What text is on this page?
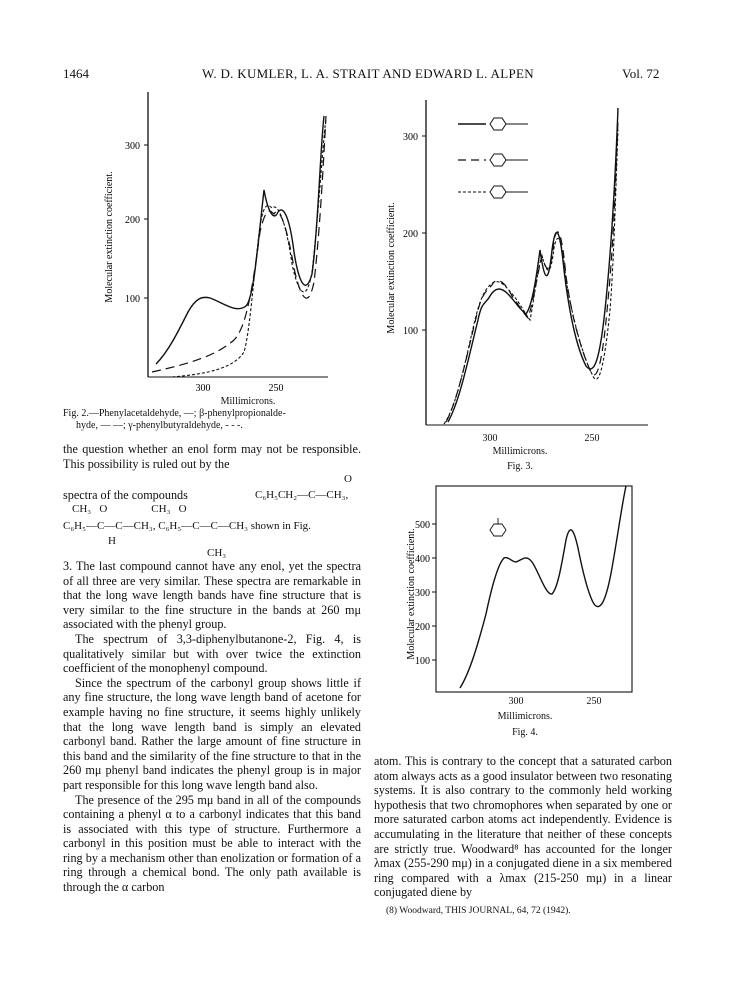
1464	W. D. KUMLER, L. A. STRAIT AND EDWARD L. ALPEN	Vol. 72
300
200
100
Molecular extinction coefficient.
300	250
Millimicrons.
Fig. 2.—Phenylacetaldehyde, —; β-phenylpropionalde-
hyde, — —; γ-phenylbutyraldehyde, - - -.
300
200
100
Molecular extinction coefficient.
300	250
Millimicrons.
Fig. 3.
500
400
300
200
100
Molecular extinction coefficient.
300	250
Millimicrons.
Fig. 4.
the question whether an enol form may not be responsible. This possibility is ruled out by the
O
spectra of the compounds	C₆H₅CH₂—C—CH₃,
CH₃   O                CH₃   O
C₆H₅—C—C—CH₃, C₆H₅—C—C—CH₃ shown in Fig.
H
CH₃

3. The last compound cannot have any enol, yet the spectra of all three are very similar. These spectra are remarkable in that the long wave length bands have fine structure that is very similar to the fine structure in the bands at 260 mμ associated with the phenyl group.

The spectrum of 3,3-diphenylbutanone-2, Fig. 4, is qualitatively similar but with over twice the extinction coefficient of the monophenyl compound.

Since the spectrum of the carbonyl group shows little if any fine structure, the long wave length band of acetone for example having no fine structure, it seems highly unlikely that the long wave length band is simply an elevated carbonyl band. Rather the large amount of fine structure in this band and the similarity of the fine structure to that in the 260 mμ phenyl band indicates the phenyl group is in major part responsible for this long wave length band also.

The presence of the 295 mμ band in all of the compounds containing a phenyl α to a carbonyl indicates that this band is associated with this type of structure. Furthermore a carbonyl in this position must be able to interact with the ring by a mechanism other than enolization or formation of a ring through a chemical bond. The only path available is through the α carbon

atom. This is contrary to the concept that a saturated carbon atom always acts as a good insulator between two resonating systems. It is also contrary to the commonly held working hypothesis that two chromophores when separated by one or more saturated carbon atoms act independently. Evidence is accumulating in the literature that neither of these concepts are strictly true. Woodward⁸ has accounted for the longer λmax (255-290 mμ) in a conjugated diene in a six membered ring compared with a λmax (215-250 mμ) in a linear conjugated diene by
(8) Woodward, THIS JOURNAL, 64, 72 (1942).
